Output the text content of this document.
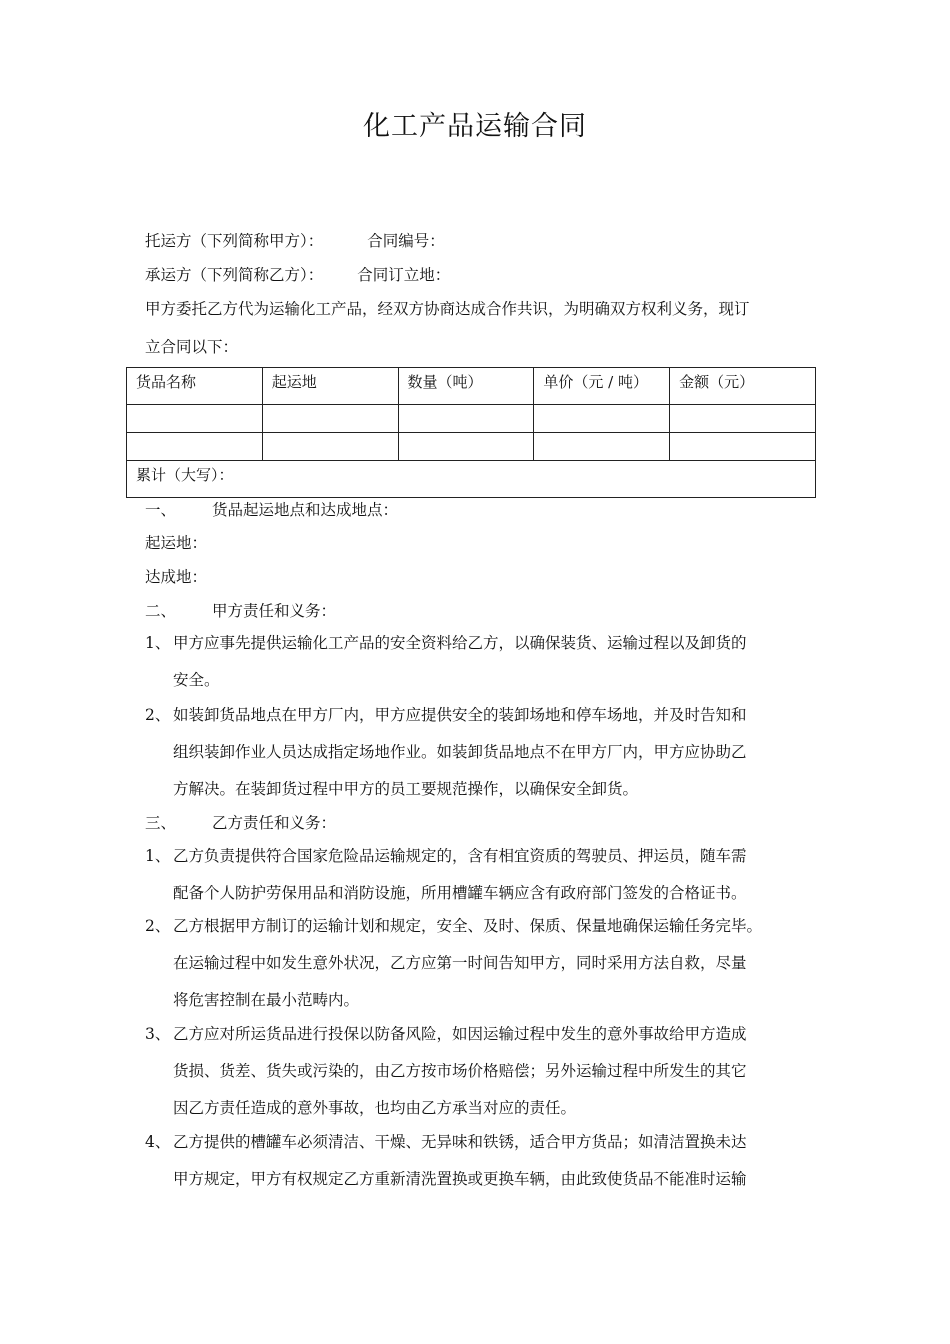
化工产品运输合同
托运方（下列简称甲方）：	合同编号：
承运方（下列简称乙方）： 合同订立地：
甲方委托乙方代为运输化工产品，经双方协商达成合作共识，为明确双方权利义务，现订
立合同以下：
货品名称	起运地	数量（吨）	单价（元 / 吨）	金额（元）

累计（大写）：				
一、 货品起运地点和达成地点：
起运地：
达成地：
二、 甲方责任和义务：
1、 甲方应事先提供运输化工产品的安全资料给乙方，以确保装货、运输过程以及卸货的
安全。
2、 如装卸货品地点在甲方厂内，甲方应提供安全的装卸场地和停车场地，并及时告知和
组织装卸作业人员达成指定场地作业。如装卸货品地点不在甲方厂内，甲方应协助乙
方解决。在装卸货过程中甲方的员工要规范操作，以确保安全卸货。
三、 乙方责任和义务：
1、 乙方负责提供符合国家危险品运输规定的，含有相宜资质的驾驶员、押运员，随车需
配备个人防护劳保用品和消防设施，所用槽罐车辆应含有政府部门签发的合格证书。
2、 乙方根据甲方制订的运输计划和规定，安全、及时、保质、保量地确保运输任务完毕。
在运输过程中如发生意外状况，乙方应第一时间告知甲方，同时采用方法自救，尽量
将危害控制在最小范畴内。
3、 乙方应对所运货品进行投保以防备风险，如因运输过程中发生的意外事故给甲方造成
货损、货差、货失或污染的，由乙方按市场价格赔偿；另外运输过程中所发生的其它
因乙方责任造成的意外事故，也均由乙方承当对应的责任。
4、 乙方提供的槽罐车必须清洁、干燥、无异味和铁锈，适合甲方货品；如清洁置换未达
甲方规定，甲方有权规定乙方重新清洗置换或更换车辆，由此致使货品不能准时运输
